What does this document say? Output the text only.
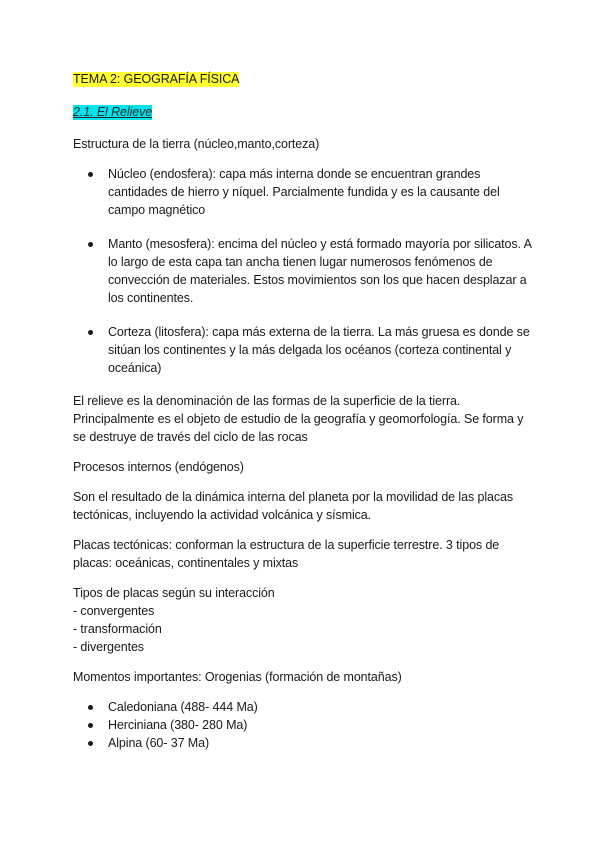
TEMA 2: GEOGRAFÍA FÍSICA
2.1. El Relieve

Estructura de la tierra (núcleo,manto,corteza)

Núcleo (endosfera): capa más interna donde se encuentran grandes cantidades de hierro y níquel. Parcialmente fundida y es la causante del campo magnético
Manto (mesosfera): encima del núcleo y está formado mayoría por silicatos. A lo largo de esta capa tan ancha tienen lugar numerosos fenómenos de convección de materiales. Estos movimientos son los que hacen desplazar a los continentes.
Corteza (litosfera): capa más externa de la tierra. La más gruesa es donde se sitúan los continentes y la más delgada los océanos (corteza continental y oceánica)

El relieve es la denominación de las formas de la superficie de la tierra. Principalmente es el objeto de estudio de la geografía y geomorfología. Se forma y se destruye de través del ciclo de las rocas

Procesos internos (endógenos)

Son el resultado de la dinámica interna del planeta por la movilidad de las placas tectónicas, incluyendo la actividad volcánica y sísmica.

Placas tectónicas: conforman la estructura de la superficie terrestre. 3 tipos de placas: oceánicas, continentales y mixtas

Tipos de placas según su interacción

- convergentes
- transformación
- divergentes

Momentos importantes: Orogenias (formación de montañas)

Caledoniana (488- 444 Ma)
Herciniana (380- 280 Ma)
Alpina (60- 37 Ma)
